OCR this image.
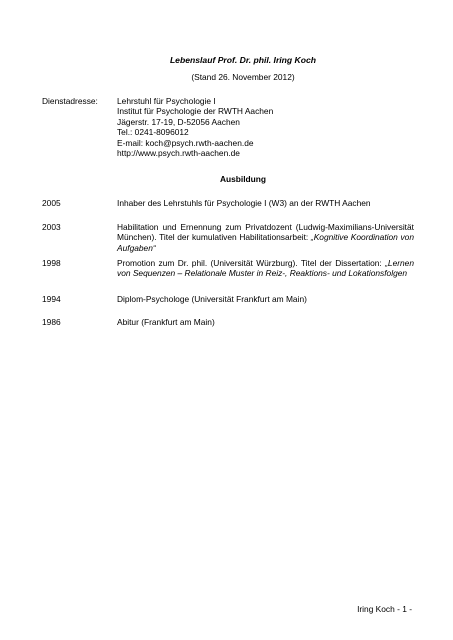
Lebenslauf Prof. Dr. phil. Iring Koch

(Stand 26. November 2012)

Dienstadresse: Lehrstuhl für Psychologie I
Institut für Psychologie der RWTH Aachen
Jägerstr. 17-19, D-52056 Aachen
Tel.: 0241-8096012
E-mail: koch@psych.rwth-aachen.de
http://www.psych.rwth-aachen.de

Ausbildung

2005	Inhaber des Lehrstuhls für Psychologie I (W3) an der RWTH Aachen
2003	Habilitation und Ernennung zum Privatdozent (Ludwig-Maximilians-Universität München). Titel der kumulativen Habilitationsarbeit: „Kognitive Koordination von Aufgaben“
1998	Promotion zum Dr. phil. (Universität Würzburg). Titel der Dissertation: „Lernen von Sequenzen – Relationale Muster in Reiz-, Reaktions- und Lokationsfolgen
1994	Diplom-Psychologe (Universität Frankfurt am Main)
1986	Abitur (Frankfurt am Main)

Iring Koch - 1 -
